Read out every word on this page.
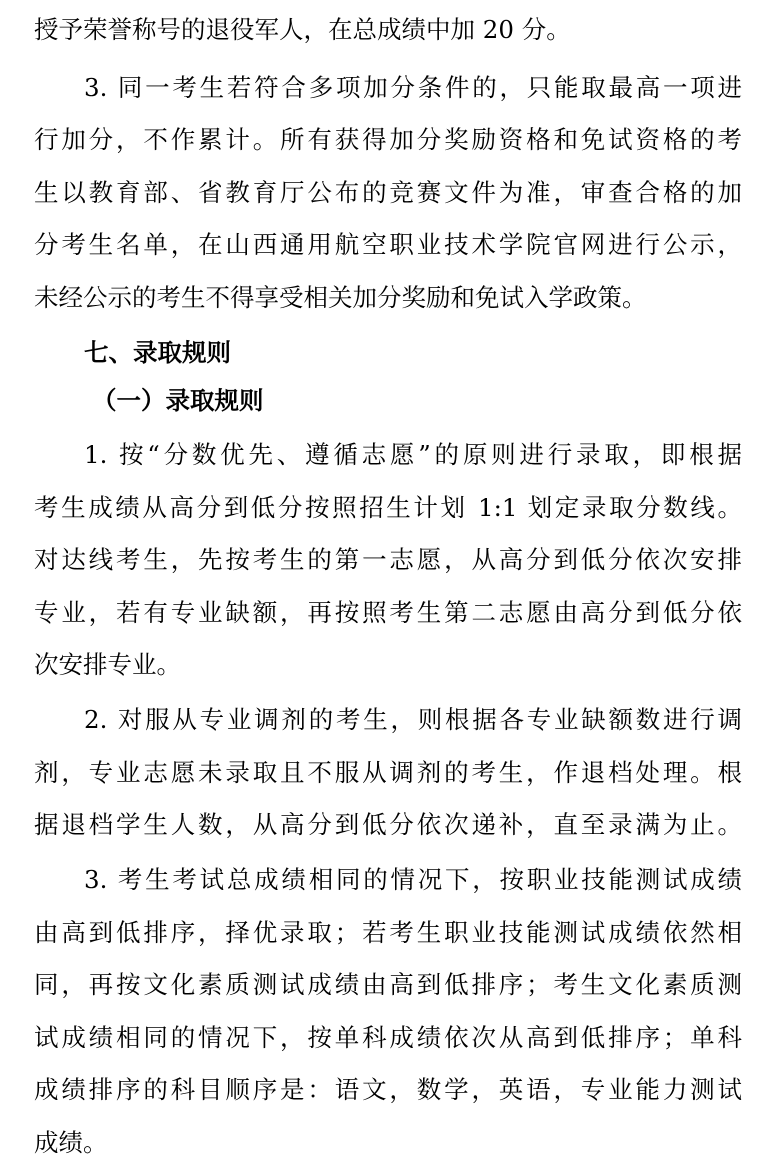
授予荣誉称号的退役军人，在总成绩中加 20 分。
3. 同一考生若符合多项加分条件的，只能取最高一项进
行加分，不作累计。所有获得加分奖励资格和免试资格的考
生以教育部、省教育厅公布的竞赛文件为准，审查合格的加
分考生名单，在山西通用航空职业技术学院官网进行公示，
未经公示的考生不得享受相关加分奖励和免试入学政策。
七、录取规则
（一）录取规则
1. 按“分数优先、遵循志愿”的原则进行录取，即根据
考生成绩从高分到低分按照招生计划 1:1 划定录取分数线。
对达线考生，先按考生的第一志愿，从高分到低分依次安排
专业，若有专业缺额，再按照考生第二志愿由高分到低分依
次安排专业。
2. 对服从专业调剂的考生，则根据各专业缺额数进行调
剂，专业志愿未录取且不服从调剂的考生，作退档处理。根
据退档学生人数，从高分到低分依次递补，直至录满为止。
3. 考生考试总成绩相同的情况下，按职业技能测试成绩
由高到低排序，择优录取；若考生职业技能测试成绩依然相
同，再按文化素质测试成绩由高到低排序；考生文化素质测
试成绩相同的情况下，按单科成绩依次从高到低排序；单科
成绩排序的科目顺序是：语文，数学，英语，专业能力测试
成绩。
